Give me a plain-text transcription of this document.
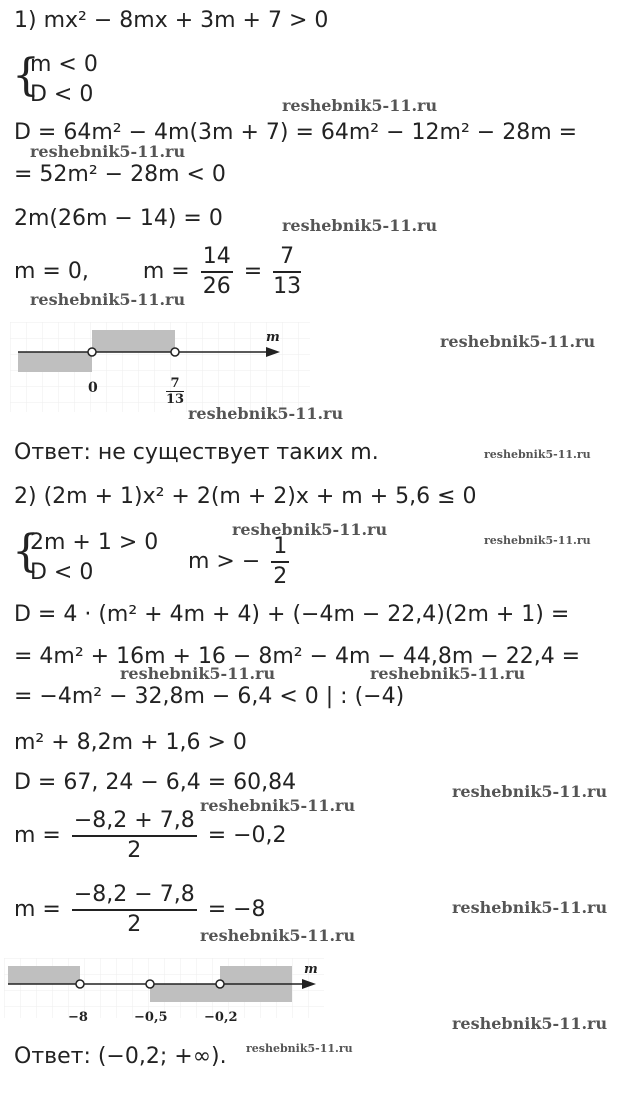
1) mx² − 8mx + 3m + 7 > 0
{
m < 0
D < 0
D = 64m² − 4m(3m + 7) = 64m² − 12m² − 28m =
= 52m² − 28m < 0
2m(26m − 14) = 0
m = 0, $m = \frac{14}{26} = \frac{7}{13}$
m
0	7
13
Ответ: не существует таких m.
2) (2m + 1)x² + 2(m + 2)x + m + 5,6 ≤ 0
{
2m + 1 > 0
D < 0	m > − $\frac{1}{2}$
D = 4 · (m² + 4m + 4) + (−4m − 22,4)(2m + 1) =
= 4m² + 16m + 16 − 8m² − 4m − 44,8m − 22,4 =
= −4m² − 32,8m − 6,4 < 0 | : (−4)
m² + 8,2m + 1,6 > 0
D = 67, 24 − 6,4 = 60,84
$m = \frac{-8,2 + 7,8}{2} = -0,2$
$m = \frac{-8,2 - 7,8}{2} = -8$
m
−8	−0,5	−0,2
Ответ: (−0,2; +∞).
reshebnik5-11.ru
reshebnik5-11.ru
reshebnik5-11.ru
reshebnik5-11.ru
reshebnik5-11.ru
reshebnik5-11.ru
reshebnik5-11.ru
reshebnik5-11.ru
reshebnik5-11.ru
reshebnik5-11.ru	reshebnik5-11.ru
reshebnik5-11.ru
reshebnik5-11.ru
reshebnik5-11.ru
reshebnik5-11.ru
reshebnik5-11.ru
reshebnik5-11.ru
